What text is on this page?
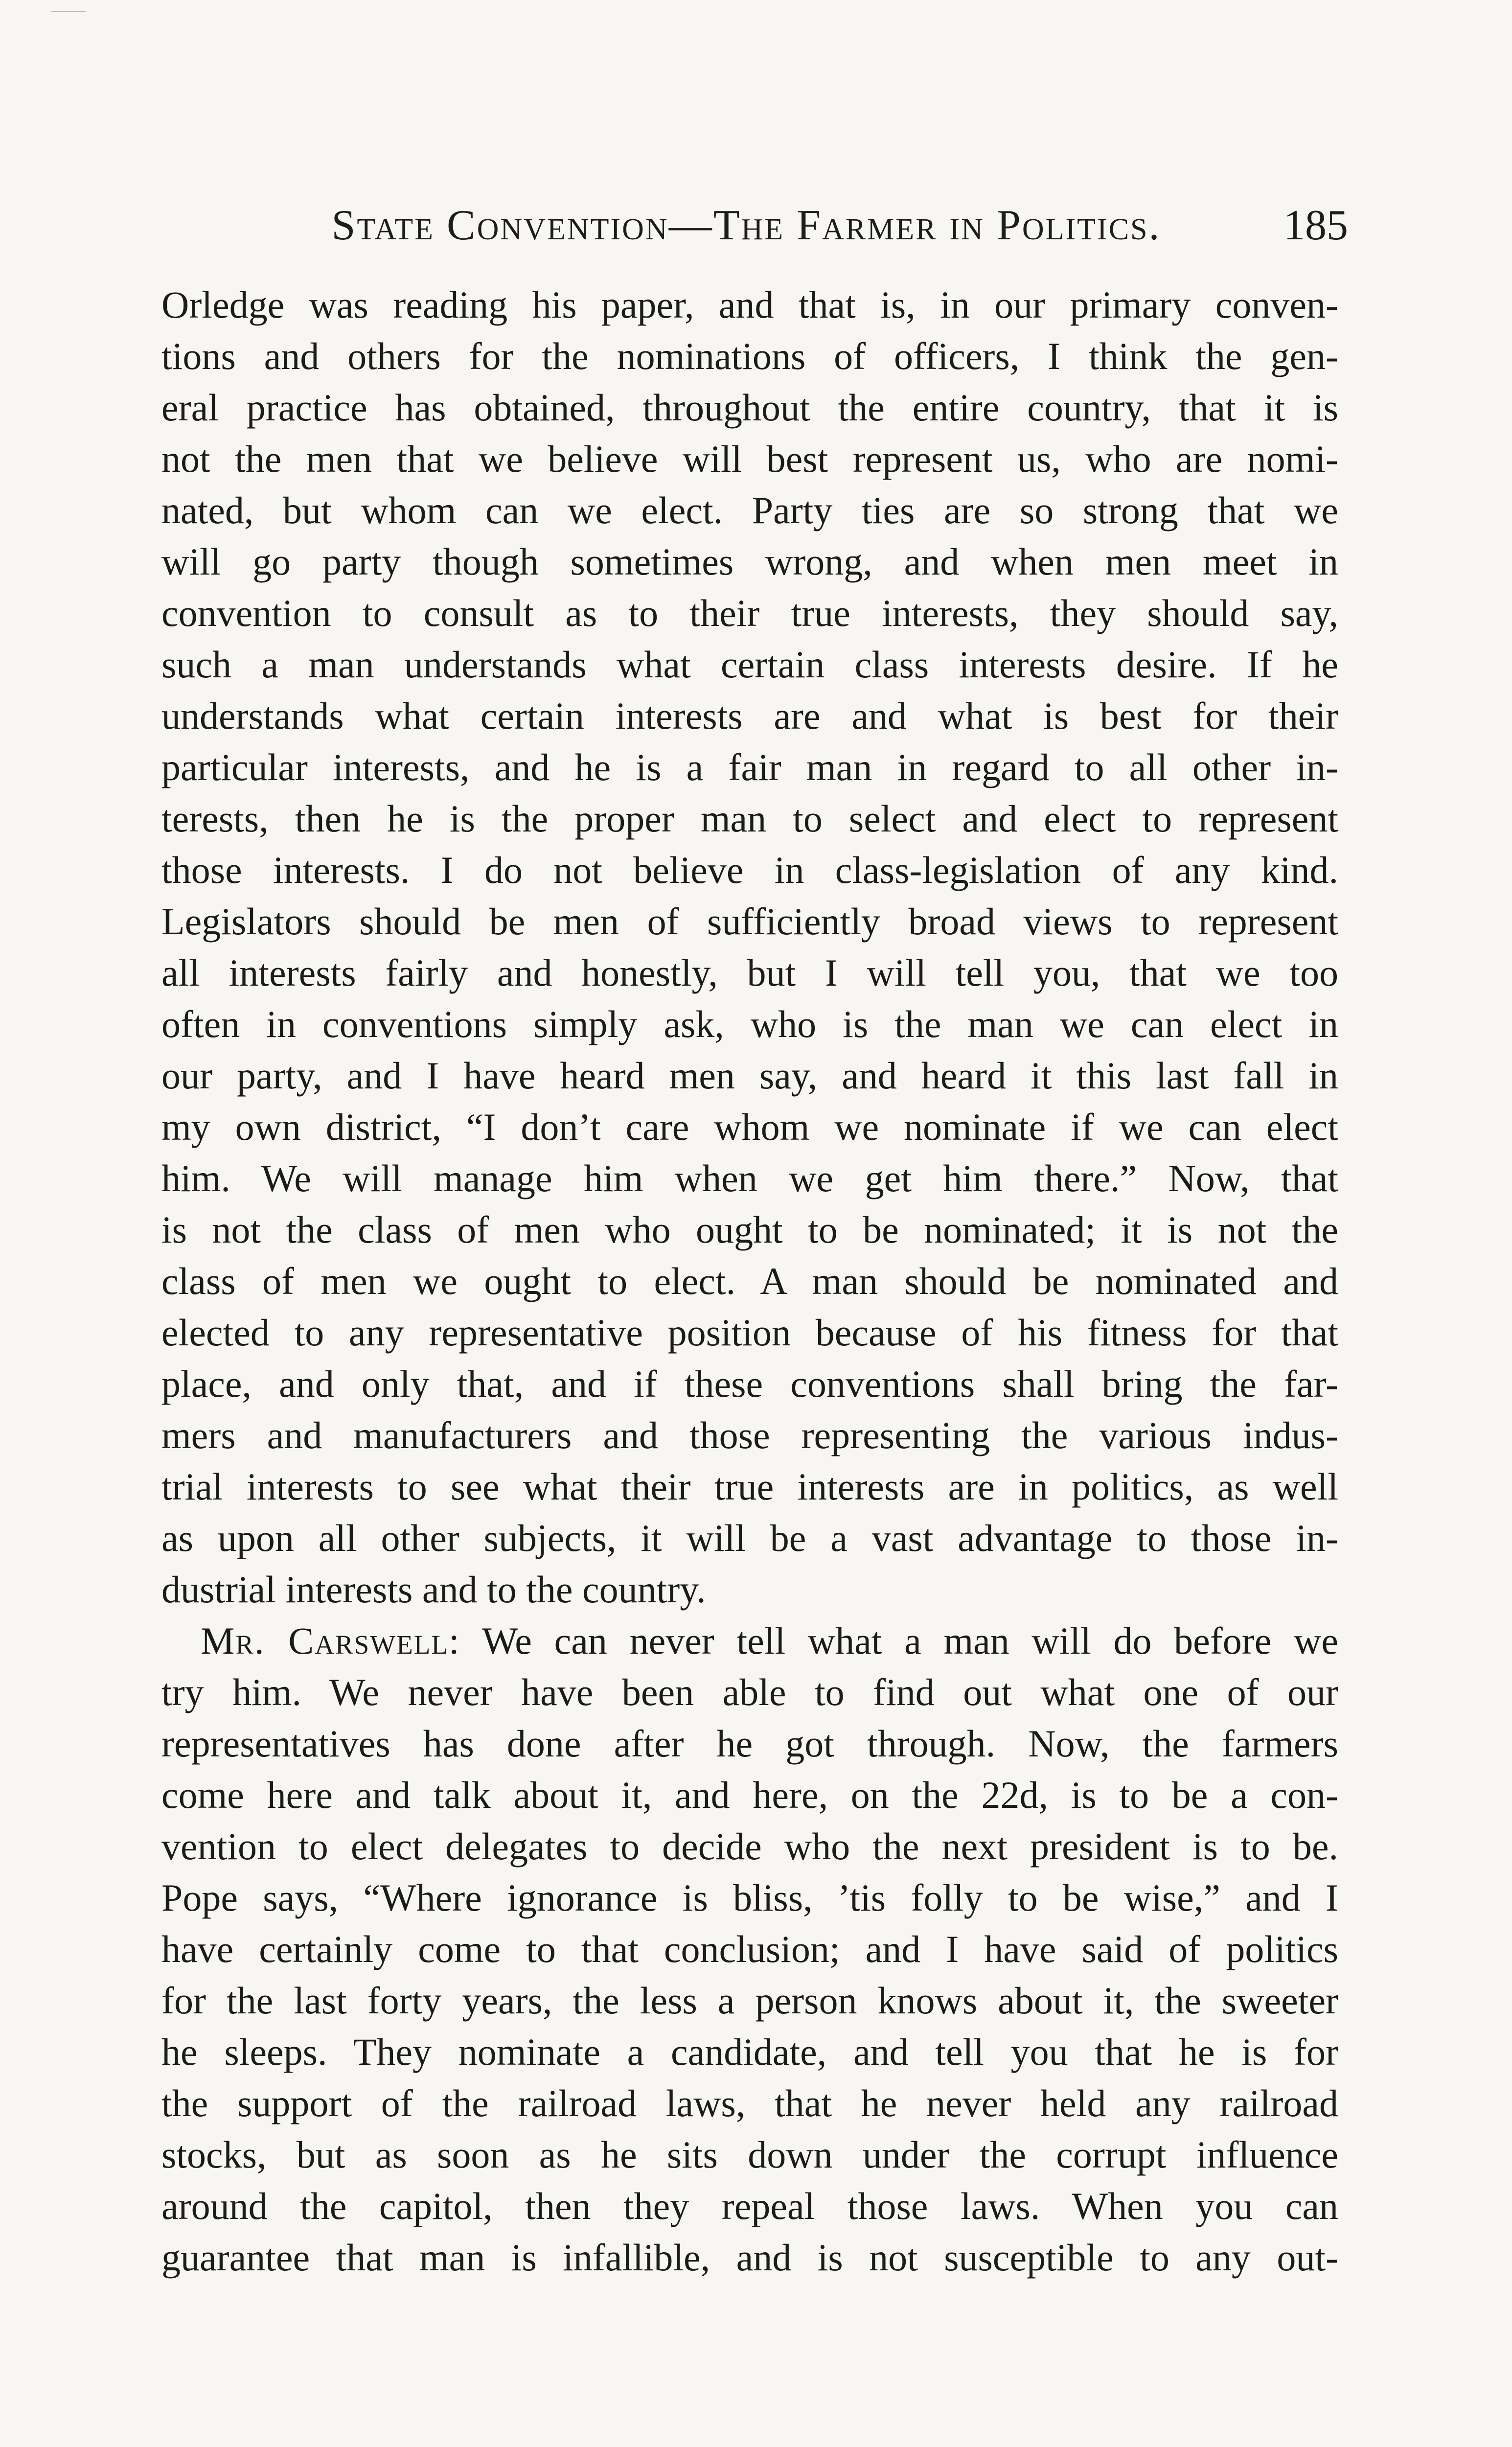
State Convention—The Farmer in Politics.	185
Orledge was reading his paper, and that is, in our primary conven-
tions and others for the nominations of officers, I think the gen-
eral practice has obtained, throughout the entire country, that it is
not the men that we believe will best represent us, who are nomi-
nated, but whom can we elect. Party ties are so strong that we
will go party though sometimes wrong, and when men meet in
convention to consult as to their true interests, they should say,
such a man understands what certain class interests desire. If he
understands what certain interests are and what is best for their
particular interests, and he is a fair man in regard to all other in-
terests, then he is the proper man to select and elect to represent
those interests. I do not believe in class-legislation of any kind.
Legislators should be men of sufficiently broad views to represent
all interests fairly and honestly, but I will tell you, that we too
often in conventions simply ask, who is the man we can elect in
our party, and I have heard men say, and heard it this last fall in
my own district, “I don’t care whom we nominate if we can elect
him. We will manage him when we get him there.” Now, that
is not the class of men who ought to be nominated; it is not the
class of men we ought to elect. A man should be nominated and
elected to any representative position because of his fitness for that
place, and only that, and if these conventions shall bring the far-
mers and manufacturers and those representing the various indus-
trial interests to see what their true interests are in politics, as well
as upon all other subjects, it will be a vast advantage to those in-
dustrial interests and to the country.
Mr. Carswell: We can never tell what a man will do before we
try him. We never have been able to find out what one of our
representatives has done after he got through. Now, the farmers
come here and talk about it, and here, on the 22d, is to be a con-
vention to elect delegates to decide who the next president is to be.
Pope says, “Where ignorance is bliss, ’tis folly to be wise,” and I
have certainly come to that conclusion; and I have said of politics
for the last forty years, the less a person knows about it, the sweeter
he sleeps. They nominate a candidate, and tell you that he is for
the support of the railroad laws, that he never held any railroad
stocks, but as soon as he sits down under the corrupt influence
around the capitol, then they repeal those laws. When you can
guarantee that man is infallible, and is not susceptible to any out-
